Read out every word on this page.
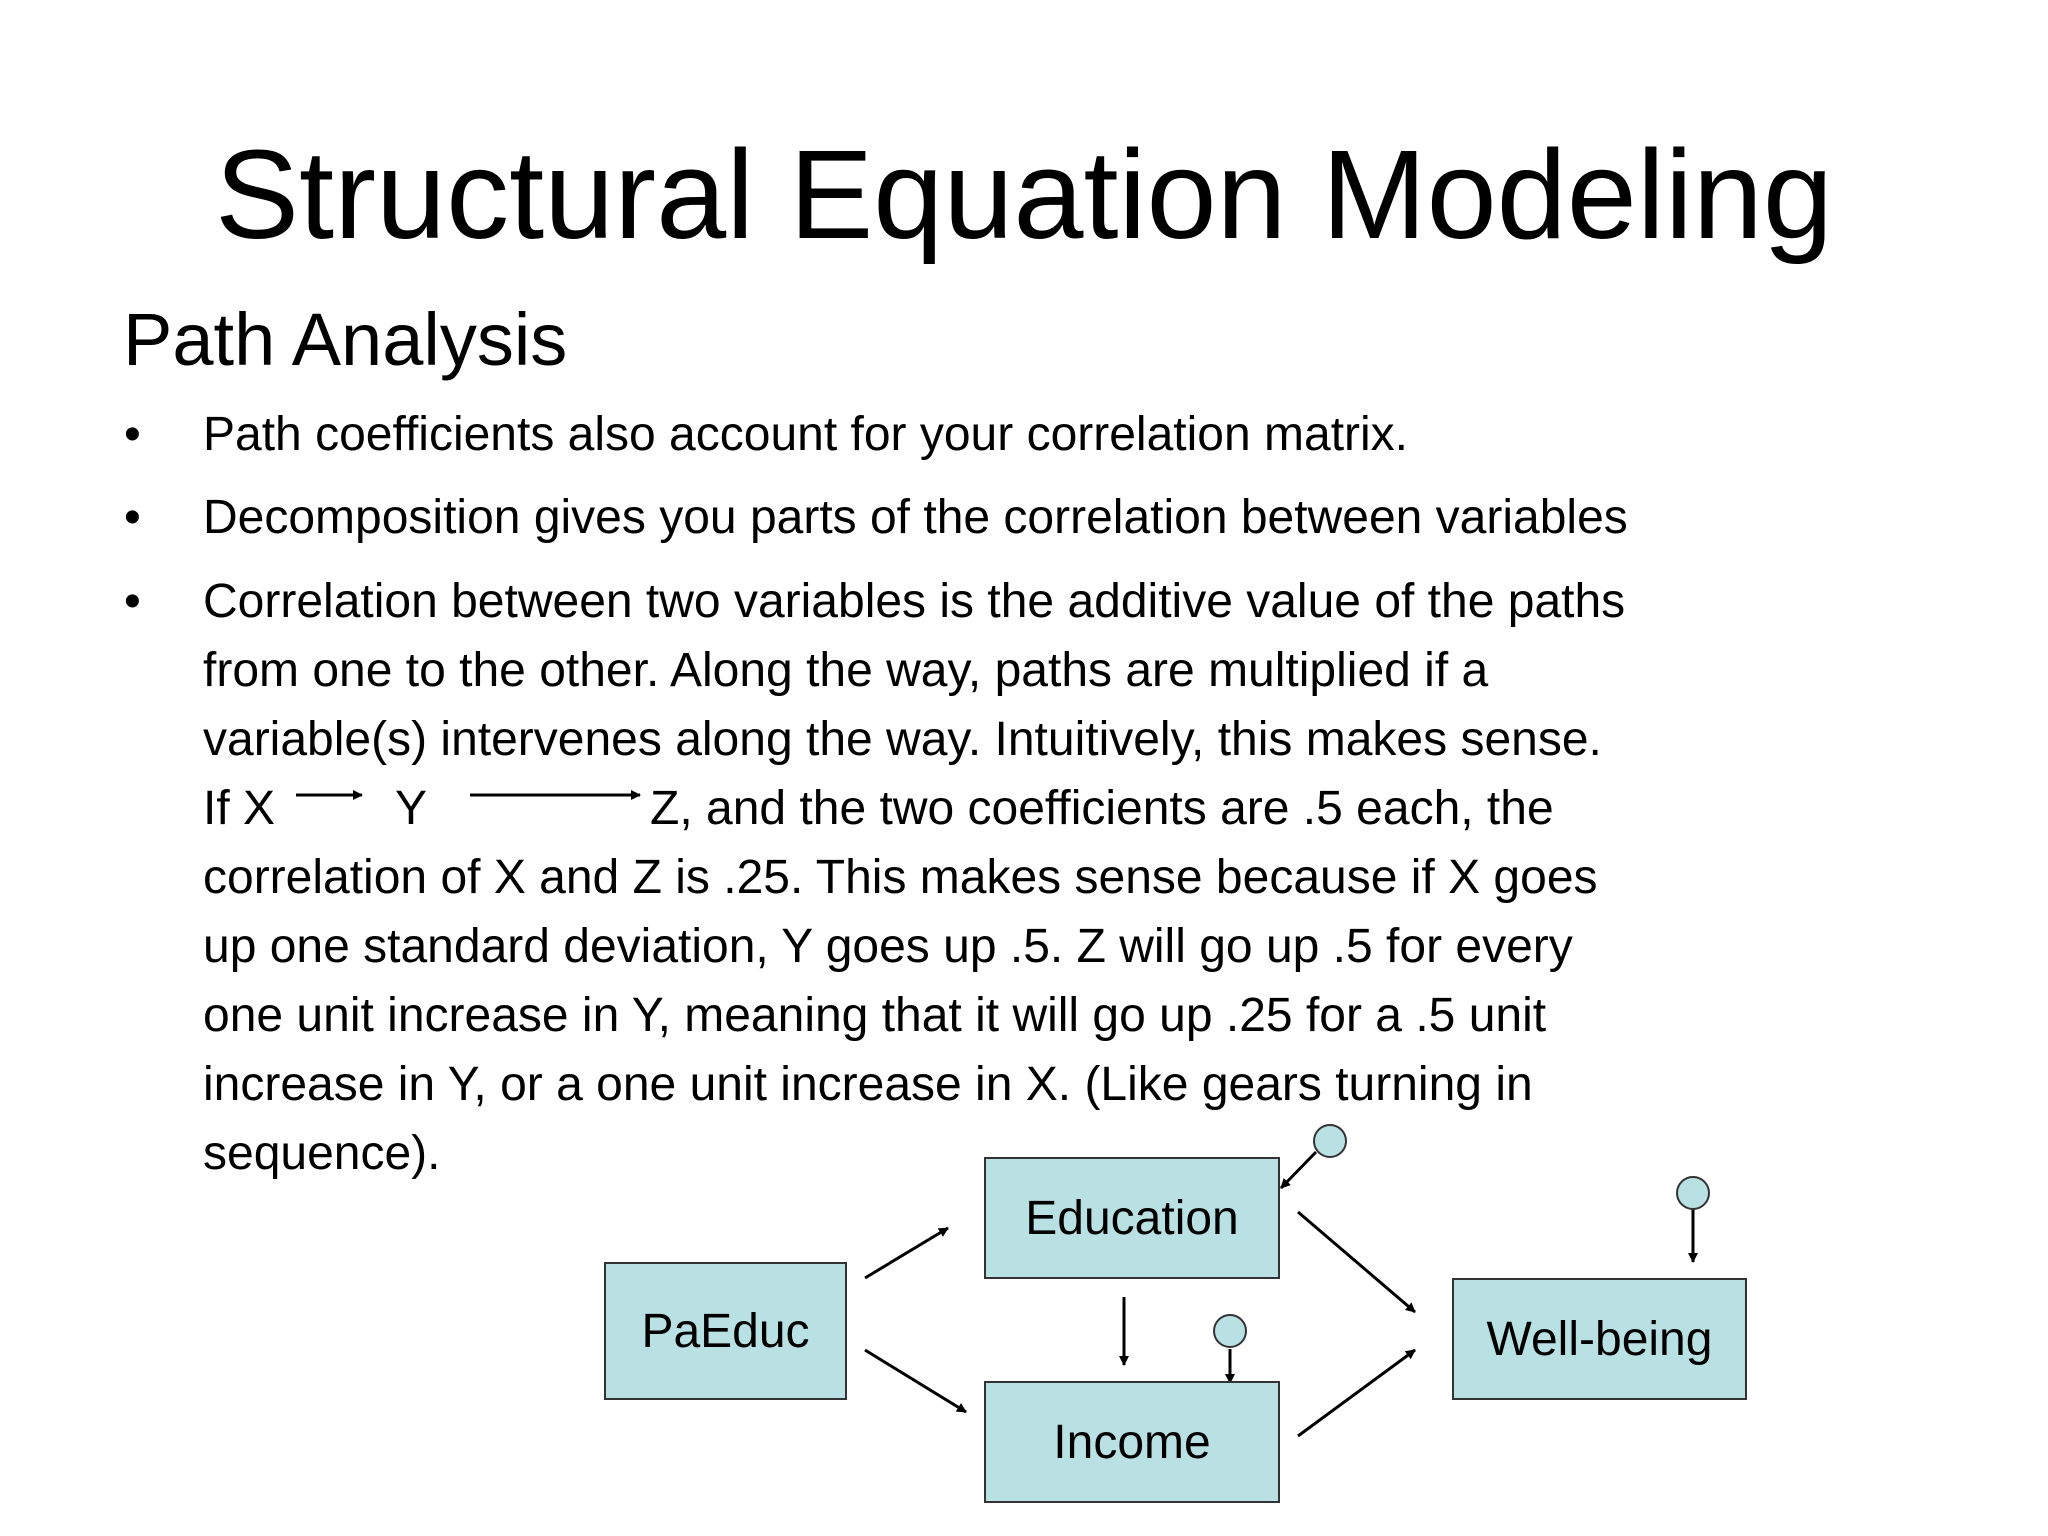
Structural Equation Modeling
Path Analysis
• Path coefficients also account for your correlation matrix.
• Decomposition gives you parts of the correlation between variables
• Correlation between two variables is the additive value of the paths
from one to the other. Along the way, paths are multiplied if a
variable(s) intervenes along the way. Intuitively, this makes sense.
If X Y	Z, and the two coefficients are .5 each, the
correlation of X and Z is .25. This makes sense because if X goes
up one standard deviation, Y goes up .5. Z will go up .5 for every
one unit increase in Y, meaning that it will go up .25 for a .5 unit
increase in Y, or a one unit increase in X. (Like gears turning in
sequence).
PaEduc
Education
Income
Well-being
